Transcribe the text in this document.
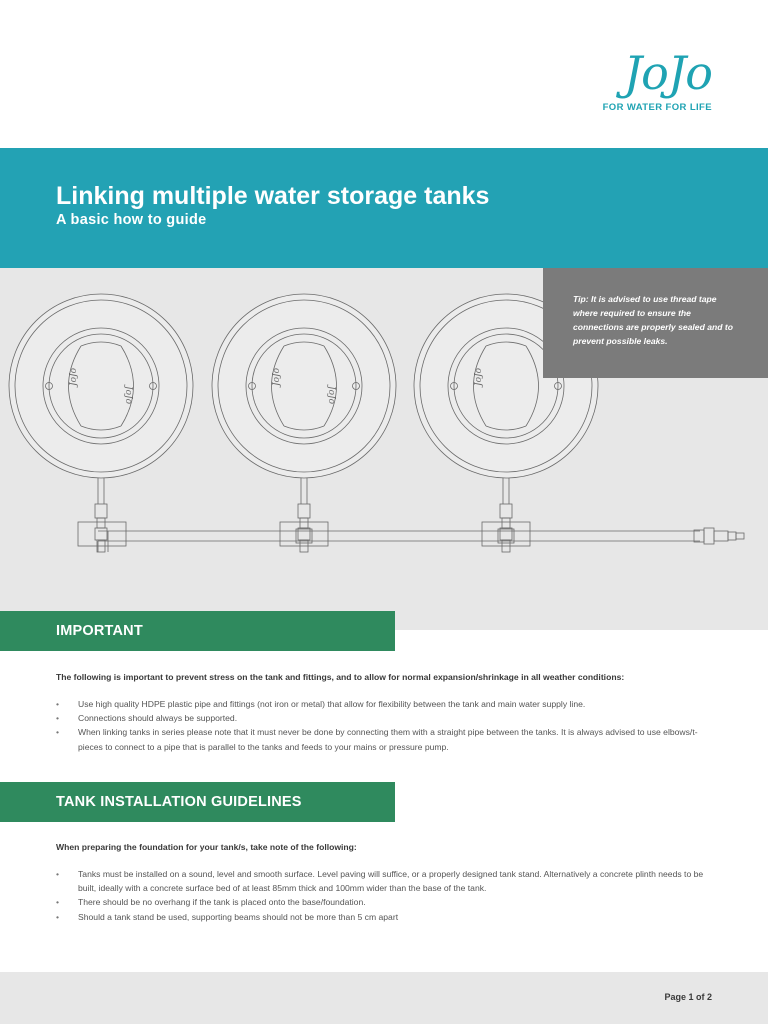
JoJo
FOR WATER FOR LIFE
Linking multiple water storage tanks
A basic how to guide
JoJo
JoJo
JoJo
JoJo
JoJo

Tip: It is advised to use thread tape where required to ensure the connections are properly sealed and to prevent possible leaks.

IMPORTANT
The following is important to prevent stress on the tank and fittings, and to allow for normal expansion/shrinkage in all weather conditions:
• Use high quality HDPE plastic pipe and fittings (not iron or metal) that allow for flexibility between the tank and main water supply line.
• Connections should always be supported.
• When linking tanks in series please note that it must never be done by connecting them with a straight pipe between the tanks. It is always advised to use elbows/t-pieces to connect to a pipe that is parallel to the tanks and feeds to your mains or pressure pump.
TANK INSTALLATION GUIDELINES
When preparing the foundation for your tank/s, take note of the following:
• Tanks must be installed on a sound, level and smooth surface. Level paving will suffice, or a properly designed tank stand. Alternatively a concrete plinth needs to be built, ideally with a concrete surface bed of at least 85mm thick and 100mm wider than the base of the tank.
• There should be no overhang if the tank is placed onto the base/foundation.
• Should a tank stand be used, supporting beams should not be more than 5 cm apart
Page 1 of 2
